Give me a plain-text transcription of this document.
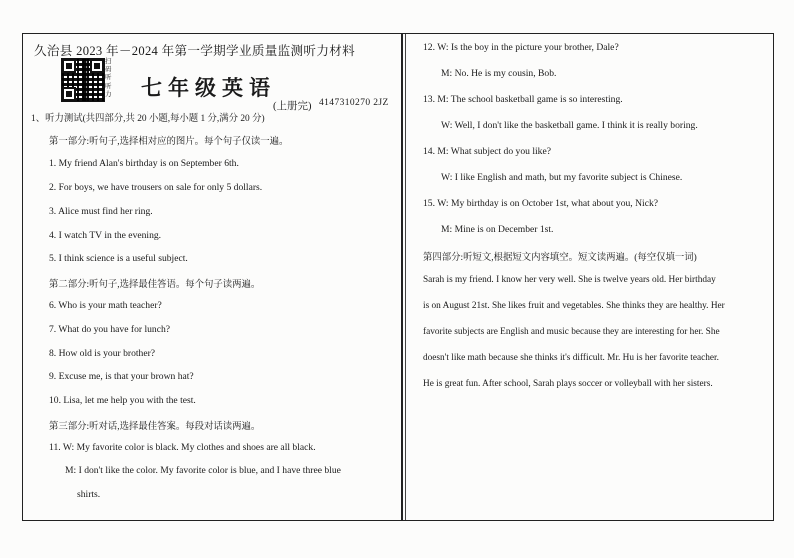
久治县 2023 年－2024 年第一学期学业质量监测听力材料
扫码听听力 七年级英语
(上册完) 4147310270 2JZ
1、听力测试(共四部分,共 20 小题,每小题 1 分,满分 20 分)
第一部分:听句子,选择相对应的图片。每个句子仅读一遍。
1. My friend Alan's birthday is on September 6th.
2. For boys, we have trousers on sale for only 5 dollars.
3. Alice must find her ring.
4. I watch TV in the evening.
5. I think science is a useful subject.
第二部分:听句子,选择最佳答语。每个句子读两遍。
6. Who is your math teacher?
7. What do you have for lunch?
8. How old is your brother?
9. Excuse me, is that your brown hat?
10. Lisa, let me help you with the test.
第三部分:听对话,选择最佳答案。每段对话读两遍。
11. W: My favorite color is black. My clothes and shoes are all black.
M: I don't like the color. My favorite color is blue, and I have three blue
shirts.
12. W: Is the boy in the picture your brother, Dale?
M: No. He is my cousin, Bob.
13. M: The school basketball game is so interesting.
W: Well, I don't like the basketball game. I think it is really boring.
14. M: What subject do you like?
W: I like English and math, but my favorite subject is Chinese.
15. W: My birthday is on October 1st, what about you, Nick?
M: Mine is on December 1st.
第四部分:听短文,根据短文内容填空。短文读两遍。(每空仅填一词)
Sarah is my friend. I know her very well. She is twelve years old. Her birthday
is on August 21st. She likes fruit and vegetables. She thinks they are healthy. Her
favorite subjects are English and music because they are interesting for her. She
doesn't like math because she thinks it's difficult. Mr. Hu is her favorite teacher.
He is great fun. After school, Sarah plays soccer or volleyball with her sisters.
